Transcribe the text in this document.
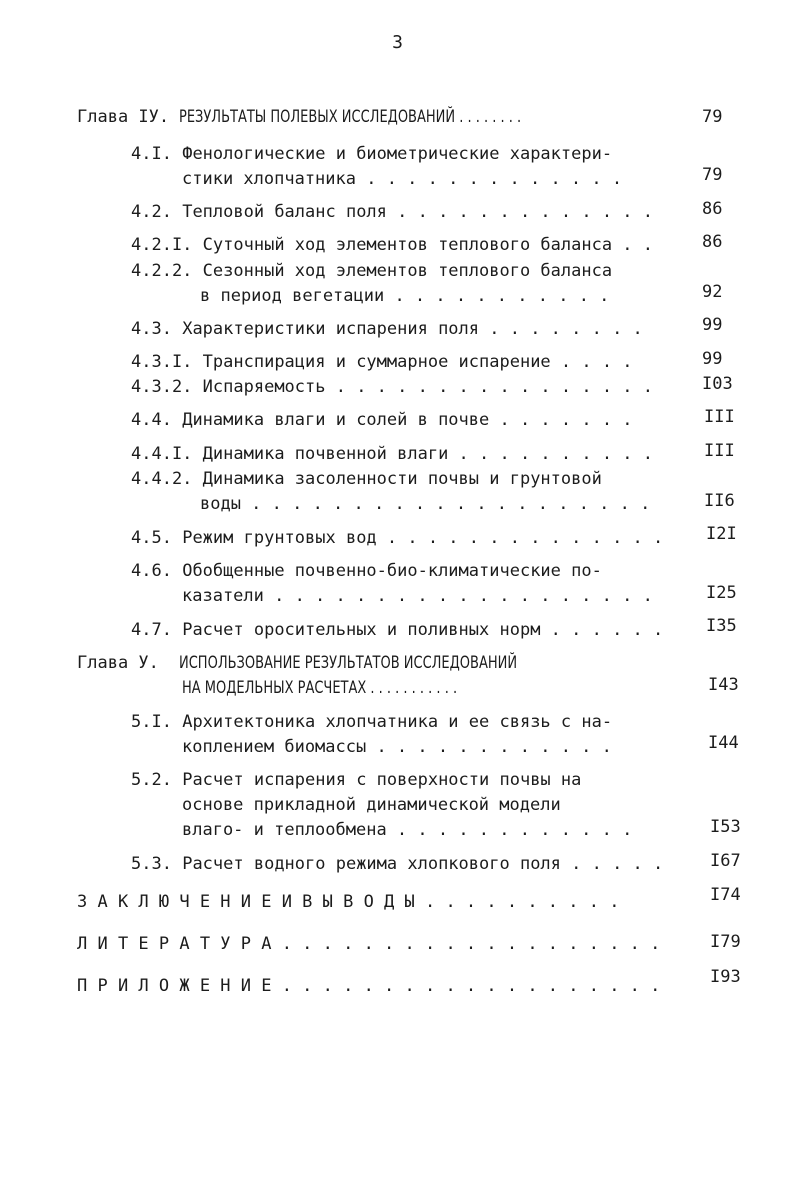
3
Глава IУ. РЕЗУЛЬТАТЫ ПОЛЕВЫХ ИССЛЕДОВАНИЙ . . . . . . . .	79
4.I. Фенологические и биометрические характери-
стики хлопчатника . . . . . . . . . . . . .	79
4.2. Тепловой баланс поля . . . . . . . . . . . . .	86
4.2.I. Суточный ход элементов теплового баланса . .	86
4.2.2. Сезонный ход элементов теплового баланса
в период вегетации . . . . . . . . . . .	92
4.3. Характеристики испарения поля . . . . . . . .	99
4.3.I. Транспирация и суммарное испарение . . . .	99
4.3.2. Испаряемость . . . . . . . . . . . . . . . .	I03
4.4. Динамика влаги и солей в почве . . . . . . .	III
4.4.I. Динамика почвенной влаги . . . . . . . . . .	III
4.4.2. Динамика засоленности почвы и грунтовой
воды . . . . . . . . . . . . . . . . . . . .	II6
4.5. Режим грунтовых вод . . . . . . . . . . . . . .	I2I
4.6. Обобщенные почвенно-био-климатические по-
казатели . . . . . . . . . . . . . . . . . . .	I25
4.7. Расчет оросительных и поливных норм . . . . . .	I35
Глава У. ИСПОЛЬЗОВАНИЕ РЕЗУЛЬТАТОВ ИССЛЕДОВАНИЙ
НА МОДЕЛЬНЫХ РАСЧЕТАХ . . . . . . . . . . .	I43
5.I. Архитектоника хлопчатника и ее связь с на-
коплением биомассы . . . . . . . . . . . .	I44
5.2. Расчет испарения с поверхности почвы на
основе прикладной динамической модели
влаго- и теплообмена . . . . . . . . . . . .	I53
5.3. Расчет водного режима хлопкового поля . . . . .	I67
З А К Л Ю Ч Е Н И Е И В Ы В О Д Ы . . . . . . . . . .	I74
Л И Т Е Р А Т У Р А . . . . . . . . . . . . . . . . . . .	I79
П Р И Л О Ж Е Н И Е . . . . . . . . . . . . . . . . . . .	I93
